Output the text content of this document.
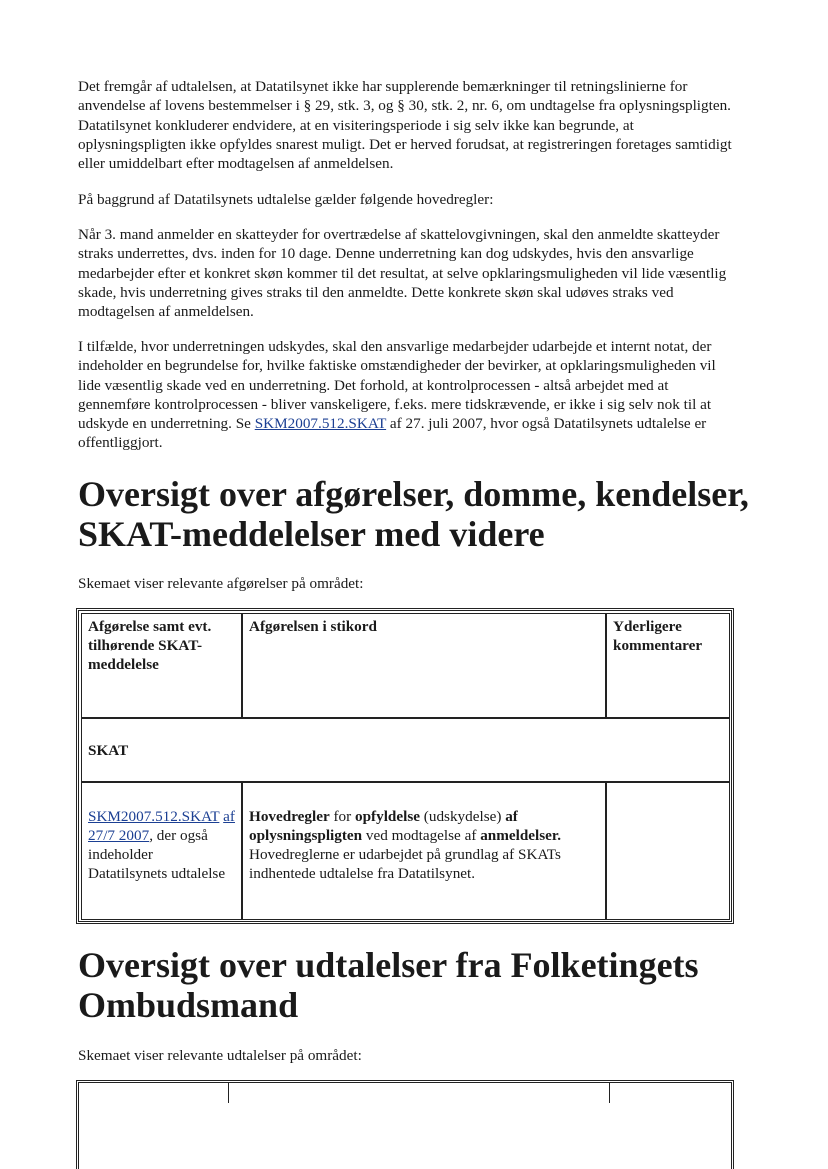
Det fremgår af udtalelsen, at Datatilsynet ikke har supplerende bemærkninger til retningslinierne for anvendelse af lovens bestemmelser i § 29, stk. 3, og § 30, stk. 2, nr. 6, om undtagelse fra oplysningspligten. Datatilsynet konkluderer endvidere, at en visiteringsperiode i sig selv ikke kan begrunde, at oplysningspligten ikke opfyldes snarest muligt. Det er herved forudsat, at registreringen foretages samtidigt eller umiddelbart efter modtagelsen af anmeldelsen.

På baggrund af Datatilsynets udtalelse gælder følgende hovedregler:

Når 3. mand anmelder en skatteyder for overtrædelse af skattelovgivningen, skal den anmeldte skatteyder straks underrettes, dvs. inden for 10 dage. Denne underretning kan dog udskydes, hvis den ansvarlige medarbejder efter et konkret skøn kommer til det resultat, at selve opklaringsmuligheden vil lide væsentlig skade, hvis underretning gives straks til den anmeldte. Dette konkrete skøn skal udøves straks ved modtagelsen af anmeldelsen.

I tilfælde, hvor underretningen udskydes, skal den ansvarlige medarbejder udarbejde et internt notat, der indeholder en begrundelse for, hvilke faktiske omstændigheder der bevirker, at opklaringsmuligheden vil lide væsentlig skade ved en underretning. Det forhold, at kontrolprocessen - altså arbejdet med at gennemføre kontrolprocessen - bliver vanskeligere, f.eks. mere tidskrævende, er ikke i sig selv nok til at udskyde en underretning. Se SKM2007.512.SKAT af 27. juli 2007, hvor også Datatilsynets udtalelse er offentliggjort.

Oversigt over afgørelser, domme, kendelser, SKAT-meddelelser med videre

Skemaet viser relevante afgørelser på området:

Afgørelse samt evt. tilhørende SKAT-meddelelse
Afgørelsen i stikord	Yderligere kommentarer
SKAT
SKM2007.512.SKAT af 27/7 2007, der også indeholder Datatilsynets udtalelse
Hovedregler for opfyldelse (udskydelse) af oplysningspligten ved modtagelse af anmeldelser. Hovedreglerne er udarbejdet på grundlag af SKATs indhentede udtalelse fra Datatilsynet.
Oversigt over udtalelser fra Folketingets Ombudsmand

Skemaet viser relevante udtalelser på området:
